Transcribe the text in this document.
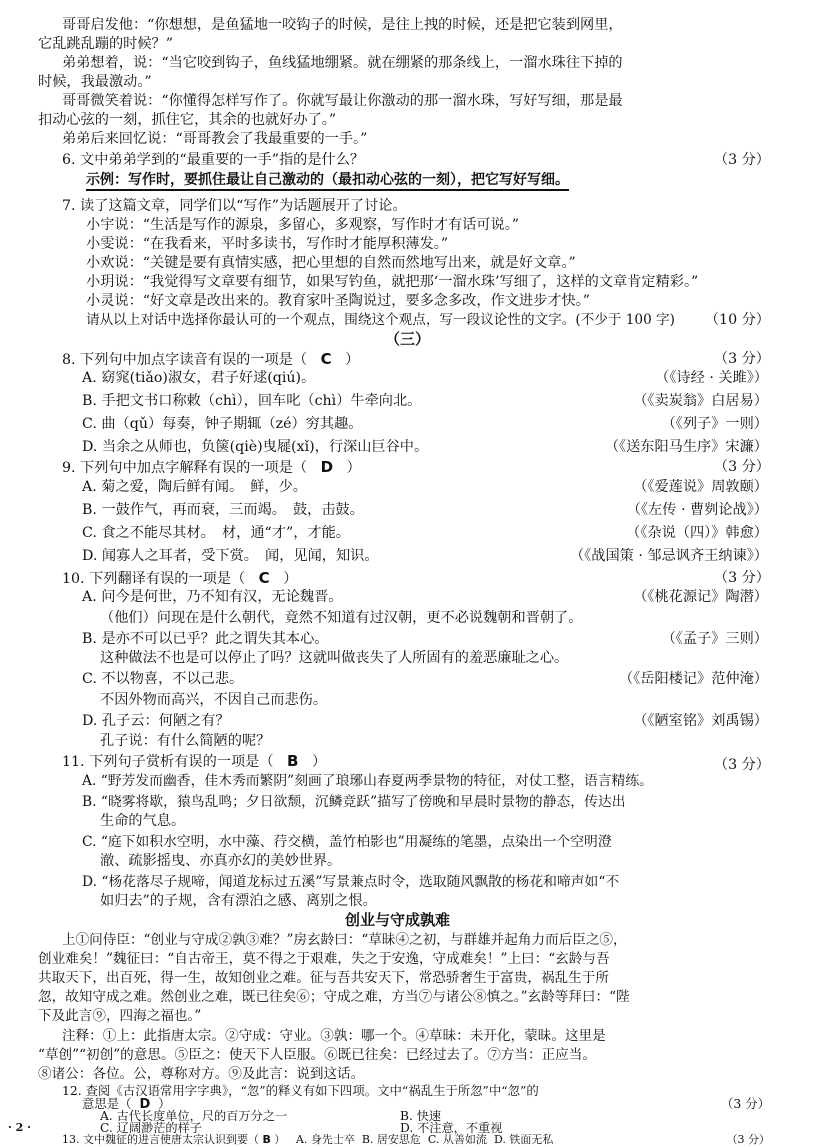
哥哥启发他：“你想想，是鱼猛地一咬钩子的时候，是往上拽的时候，还是把它装到网里，
它乱跳乱蹦的时候？”
弟弟想着，说：“当它咬到钩子，鱼线猛地绷紧。就在绷紧的那条线上，一溜水珠往下掉的
时候，我最激动。”
哥哥微笑着说：“你懂得怎样写作了。你就写最让你激动的那一溜水珠，写好写细，那是最
扣动心弦的一刻，抓住它，其余的也就好办了。”
弟弟后来回忆说：“哥哥教会了我最重要的一手。”
6. 文中弟弟学到的“最重要的一手”指的是什么？	（3 分）
示例：写作时，要抓住最让自己激动的（最扣动心弦的一刻），把它写好写细。
7. 读了这篇文章，同学们以“写作”为话题展开了讨论。
小宇说：“生活是写作的源泉，多留心，多观察，写作时才有话可说。”
小雯说：“在我看来，平时多读书，写作时才能厚积薄发。”
小欢说：“关键是要有真情实感，把心里想的自然而然地写出来，就是好文章。”
小玥说：“我觉得写文章要有细节，如果写钓鱼，就把那‘一溜水珠’写细了，这样的文章肯定精彩。”
小灵说：“好文章是改出来的。教育家叶圣陶说过，要多念多改，作文进步才快。”
请从以上对话中选择你最认可的一个观点，围绕这个观点，写一段议论性的文字。(不少于 100 字) （10 分）
（三）
8. 下列句中加点字读音有误的一项是（ C ）	（3 分）
A. 窈窕(tiǎo)淑女，君子好逑(qiú)。	（《诗经 · 关雎》）
B. 手把文书口称敕（chì），回车叱（chì）牛牵向北。	（《卖炭翁》白居易）
C. 曲（qǔ）每奏，钟子期辄（zé）穷其趣。	（《列子》一则）
D. 当余之从师也，负箧(qiè)曳屣(xǐ)，行深山巨谷中。	（《送东阳马生序》宋濂）
9. 下列句中加点字解释有误的一项是（ D ）	（3 分）
A. 菊之爱，陶后鲜有闻。　鲜，少。	（《爱莲说》周敦颐）
B. 一鼓作气，再而衰，三而竭。　鼓，击鼓。	（《左传 · 曹刿论战》）
C. 食之不能尽其材。　材，通“才”，才能。	（《杂说（四）》韩愈）
D. 闻寡人之耳者，受下赏。　闻，见闻，知识。	（《战国策 · 邹忌讽齐王纳谏》）
10. 下列翻译有误的一项是（ C ）	（3 分）
A. 问今是何世，乃不知有汉，无论魏晋。	（《桃花源记》陶潜）
（他们）问现在是什么朝代，竟然不知道有过汉朝，更不必说魏朝和晋朝了。
B. 是亦不可以已乎？此之谓失其本心。	（《孟子》三则）
这种做法不也是可以停止了吗？这就叫做丧失了人所固有的羞恶廉耻之心。
C. 不以物喜，不以己悲。	（《岳阳楼记》范仲淹）
不因外物而高兴，不因自己而悲伤。
D. 孔子云：何陋之有？	（《陋室铭》刘禹锡）
孔子说：有什么简陋的呢？
11. 下列句子赏析有误的一项是（ B ）	（3 分）
A. “野芳发而幽香，佳木秀而繁阴”刻画了琅琊山春夏两季景物的特征，对仗工整，语言精练。
B. “晓雾将歇，猿鸟乱鸣；夕日欲颓，沉鳞竞跃”描写了傍晚和早晨时景物的静态，传达出
生命的气息。
C. “庭下如积水空明，水中藻、荇交横，盖竹柏影也”用凝练的笔墨，点染出一个空明澄
澈、疏影摇曳、亦真亦幻的美妙世界。
D. “杨花落尽子规啼，闻道龙标过五溪”写景兼点时令，选取随风飘散的杨花和啼声如“不
如归去”的子规，含有漂泊之感、离别之恨。
创业与守成孰难
上①问侍臣：“创业与守成②孰③难？”房玄龄曰：“草昧④之初，与群雄并起角力而后臣之⑤，
创业难矣！”魏征曰：“自古帝王，莫不得之于艰难，失之于安逸，守成难矣！”上曰：“玄龄与吾
共取天下，出百死，得一生，故知创业之难。征与吾共安天下，常恐骄奢生于富贵，祸乱生于所
忽，故知守成之难。然创业之难，既已往矣⑥；守成之难，方当⑦与诸公⑧慎之。”玄龄等拜曰：“陛
下及此言⑨，四海之福也。”
注释：①上：此指唐太宗。②守成：守业。③孰：哪一个。④草昧：未开化，蒙昧。这里是
“草创”“初创”的意思。⑤臣之：使天下人臣服。⑥既已往矣：已经过去了。⑦方当：正应当。
⑧诸公：各位。公，尊称对方。⑨及此言：说到这话。
12. 查阅《古汉语常用字字典》，“忽”的释义有如下四项。文中“祸乱生于所忽”中“忽”的
意思是（ D ）	（3 分）
A. 古代长度单位，尺的百万分之一	B. 快速
C. 辽阔渺茫的样子	D. 不注意，不重视
13. 文中魏征的进言使唐太宗认识到要（ B ） A. 身先士卒 B. 居安思危 C. 从善如流 D. 铁面无私	（3 分）
· 2 ·
